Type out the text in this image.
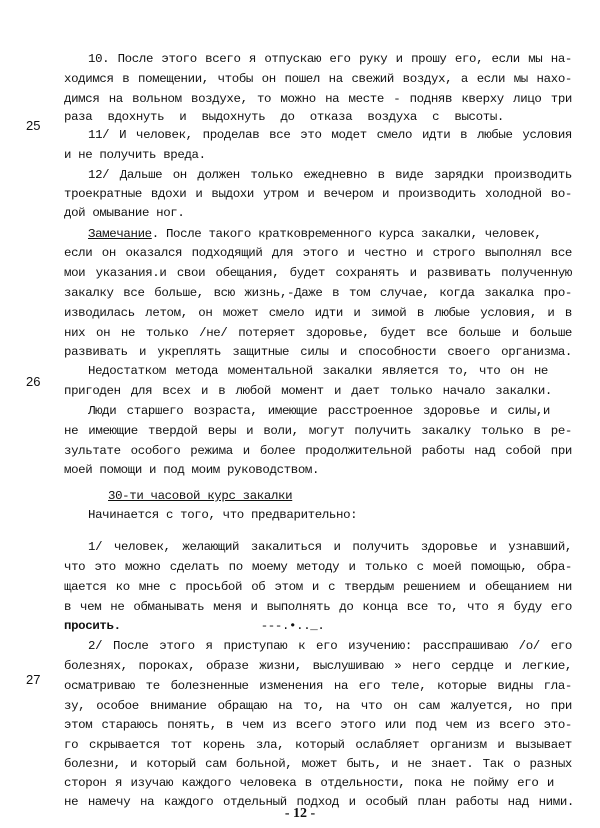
25
26
27
10. После этого всего я отпускаю его руку и прошу его, если мы на-
ходимся в помещении, чтобы он пошел на свежий воздух, а если мы нахо-
димся на вольном воздухе, то можно на месте - подняв кверху лицо три
раза вдохнуть и выдохнуть до отказа воздуха с высоты.
11/ И человек, проделав все это модет смело идти в любые условия
и не получить вреда.
12/ Дальше он должен только ежедневно в виде зарядки производить
троекратные вдохи и выдохи утром и вечером и производить холодной во-
дой омывание ног.
Замечание. После такого кратковременного курса закалки, человек,
если он оказался подходящий для этого и честно и строго выполнял все
мои указания.и свои обещания, будет сохранять и развивать полученную
закалку все больше, всю жизнь,-Даже в том случае, когда закалка про-
изводилась летом, он может смело идти и зимой в любые условия, и в
них он не только /не/ потеряет здоровье, будет все больше и больше
развивать и укреплять защитные силы и способности своего организма.
Недостатком метода моментальной закалки является то, что он не
пригоден для всех и в любой момент и дает только начало закалки.
Люди старшего возраста, имеющие расстроенное здоровье и силы,и
не имеющие твердой веры и воли, могут получить закалку только в ре-
зультате особого режима и более продолжительной работы над собой при
моей помощи и под моим руководством.
30-ти часовой курс закалки
Начинается с того, что предварительно:
1/ человек, желающий закалиться и получить здоровье и узнавший,
что это можно сделать по моему методу и только с моей помощью, обра-
щается ко мне с просьбой об этом и с твердым решением и обещанием ни
в чем не обманывать меня и выполнять до конца все то, что я буду его
просить.	---.•.._.
2/ После этого я приступаю к его изучению: расспрашиваю /о/ его
болезнях, пороках, образе жизни, выслушиваю » него сердце и легкие,
осматриваю те болезненные изменения на его теле, которые видны гла-
зу, особое внимание обращаю на то, на что он сам жалуется, но при
этом стараюсь понять, в чем из всего этого или под чем из всего это-
го скрывается тот корень зла, который ослабляет организм и вызывает
болезни, и который сам больной, может быть, и не знает. Так о разных
сторон я изучаю каждого человека в отдельности, пока не пойму его и
не намечу на каждого отдельный подход и особый план работы над ними.
- 12 -
